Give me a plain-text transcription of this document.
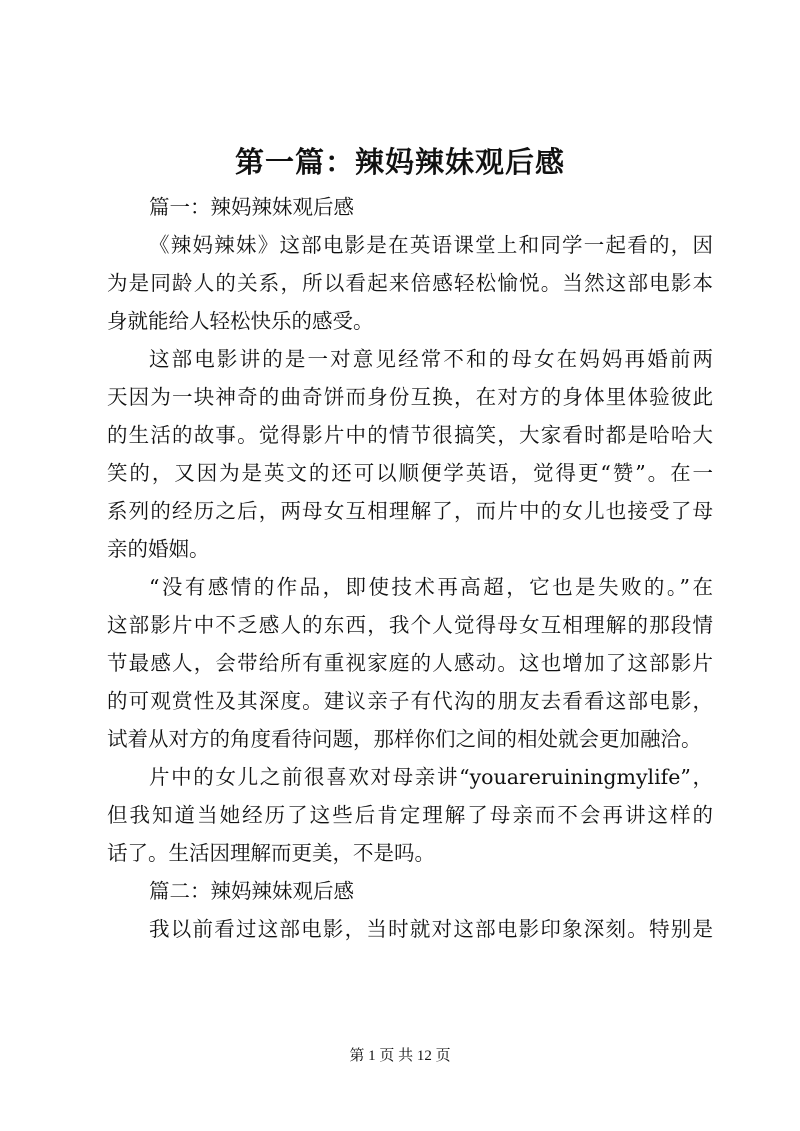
第一篇：辣妈辣妹观后感
篇一：辣妈辣妹观后感
《辣妈辣妹》这部电影是在英语课堂上和同学一起看的，因
为是同龄人的关系，所以看起来倍感轻松愉悦。当然这部电影本
身就能给人轻松快乐的感受。
这部电影讲的是一对意见经常不和的母女在妈妈再婚前两
天因为一块神奇的曲奇饼而身份互换，在对方的身体里体验彼此
的生活的故事。觉得影片中的情节很搞笑，大家看时都是哈哈大
笑的，又因为是英文的还可以顺便学英语，觉得更“赞”。在一
系列的经历之后，两母女互相理解了，而片中的女儿也接受了母
亲的婚姻。
“没有感情的作品，即使技术再高超，它也是失败的。”在
这部影片中不乏感人的东西，我个人觉得母女互相理解的那段情
节最感人，会带给所有重视家庭的人感动。这也增加了这部影片
的可观赏性及其深度。建议亲子有代沟的朋友去看看这部电影，
试着从对方的角度看待问题，那样你们之间的相处就会更加融洽。
片中的女儿之前很喜欢对母亲讲“youareruiningmylife”，
但我知道当她经历了这些后肯定理解了母亲而不会再讲这样的
话了。生活因理解而更美，不是吗。
篇二：辣妈辣妹观后感
我以前看过这部电影，当时就对这部电影印象深刻。特别是
第 1 页 共 12 页
